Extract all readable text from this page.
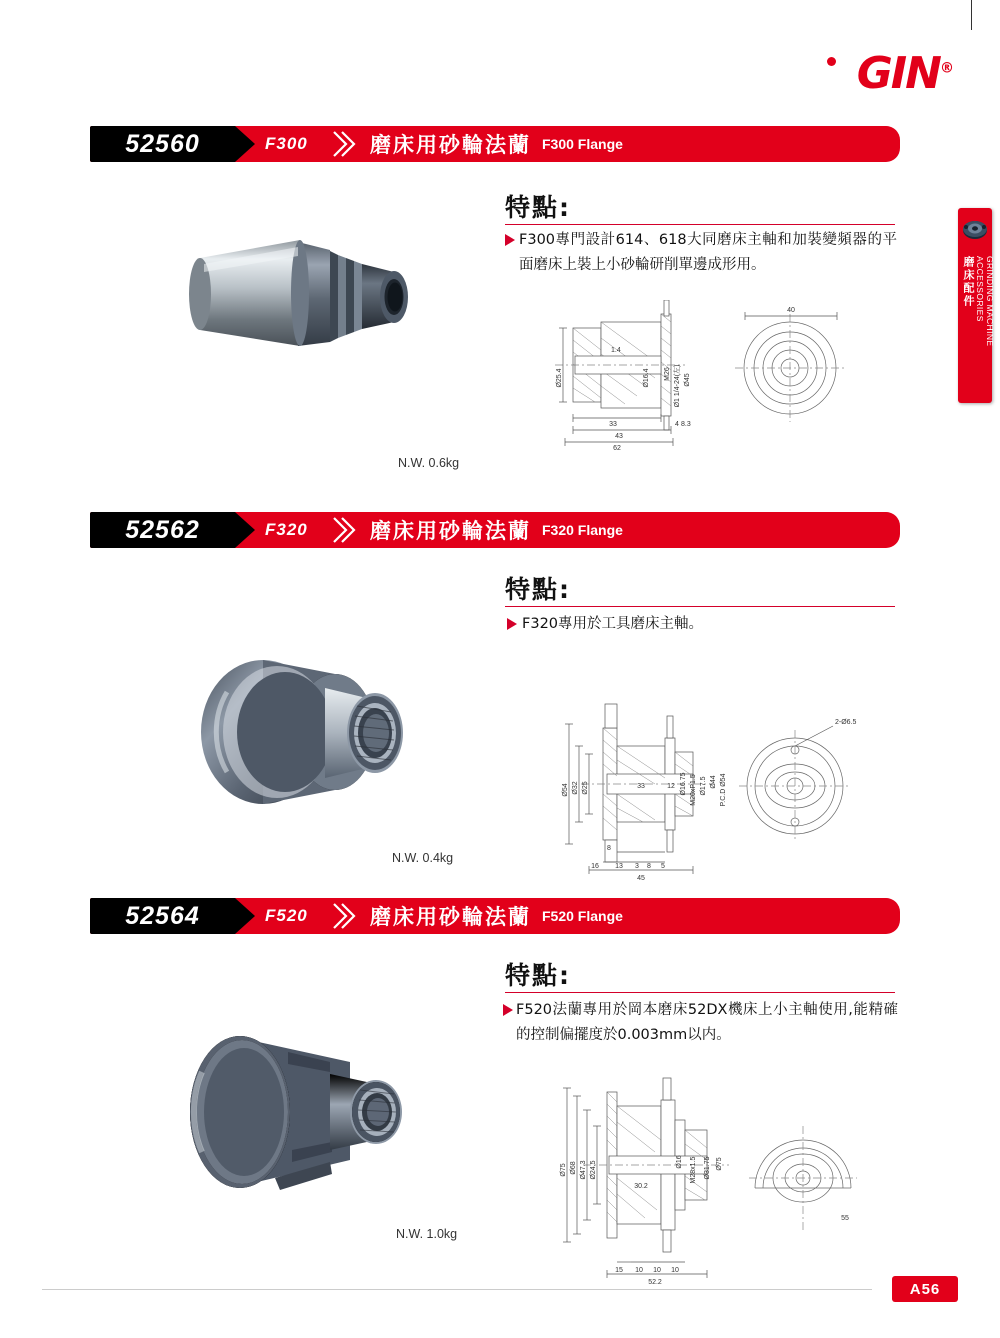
GIN®
磨床配件	GRINDING MACHINE ACCESSORIES
52560	F300	磨床用砂輪法蘭 F300 Flange
特點:
F300專門設計614、618大同磨床主軸和加裝變頻器的平面磨床上裝上小砂輪研削單邊成形用。
N.W. 0.6kg
Ø25.4
1.4
Ø16.4 M26 Ø1 1/4-24(左) Ø45
33
43
62
4 8.3
40
52562	F320	磨床用砂輪法蘭 F320 Flange
特點:
F320專用於工具磨床主軸。
N.W. 0.4kg
Ø54 Ø32 Ø25	33	12 Ø16.75 M20xP1.5 Ø17.5 Ø44 P.C.D Ø54
8
16 13 3 8 5
45
2-Ø6.5
52564	F520	磨床用砂輪法蘭 F520 Flange
特點:
F520法蘭專用於岡本磨床52DX機床上小主軸使用,能精確的控制偏擺度於0.003mm以内。
N.W. 1.0kg
Ø75 Ø68 Ø47.3 Ø24.5
30.2
Ø16 M28x1.5 Ø31.75 Ø75
15 10 10 10
52.2
55
A56
